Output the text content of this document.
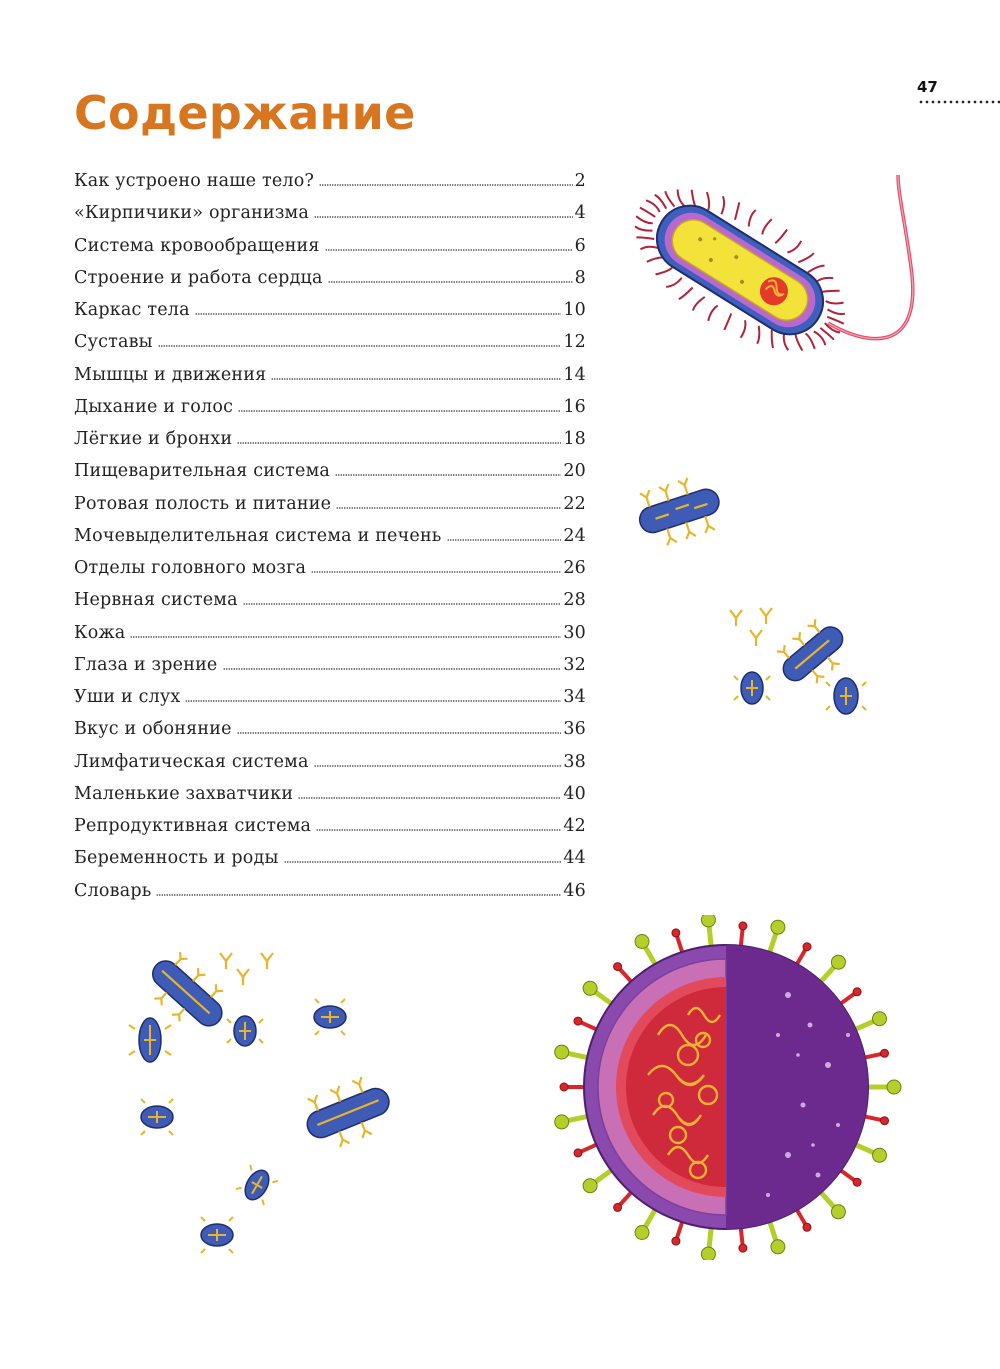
47
Содержание
Как устроено наше тело?	2
«Кирпичики» организма	4
Система кровообращения	6
Строение и работа сердца	8
Каркас тела	10
Суставы	12
Мышцы и движения	14
Дыхание и голос	16
Лёгкие и бронхи	18
Пищеварительная система	20
Ротовая полость и питание	22
Мочевыделительная система и печень	24
Отделы головного мозга	26
Нервная система	28
Кожа	30
Глаза и зрение	32
Уши и слух	34
Вкус и обоняние	36
Лимфатическая система	38
Маленькие захватчики	40
Репродуктивная система	42
Беременность и роды	44
Словарь	46
